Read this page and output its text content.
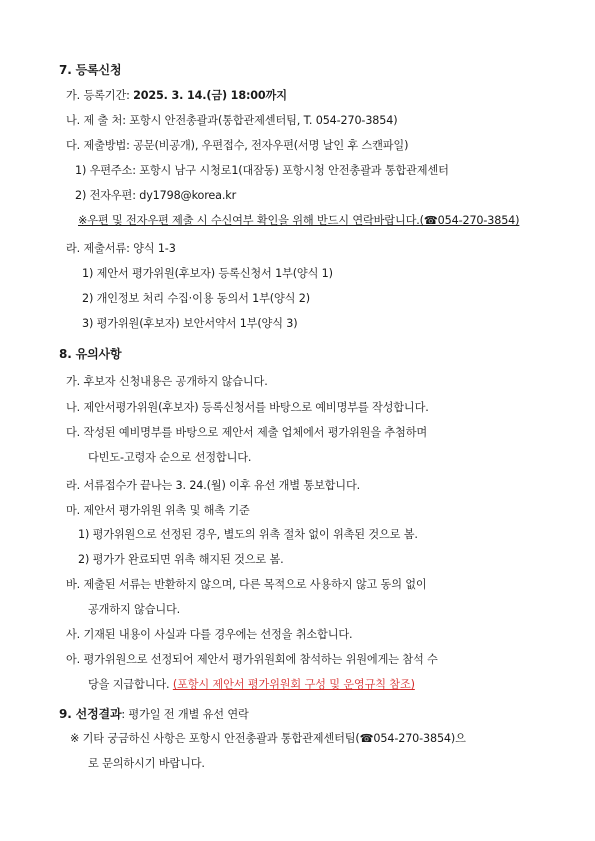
7. 등록신청
가. 등록기간: 2025. 3. 14.(금) 18:00까지
나. 제 출 처: 포항시 안전총괄과(통합관제센터팀, T. 054-270-3854)
다. 제출방법: 공문(비공개), 우편접수, 전자우편(서명 날인 후 스캔파일)
1) 우편주소: 포항시 남구 시청로1(대잠동) 포항시청 안전총괄과 통합관제센터
2) 전자우편: dy1798@korea.kr
※우편 및 전자우편 제출 시 수신여부 확인을 위해 반드시 연락바랍니다.(☎054-270-3854)
라. 제출서류: 양식 1-3
1) 제안서 평가위원(후보자) 등록신청서 1부(양식 1)
2) 개인정보 처리 수집·이용 동의서 1부(양식 2)
3) 평가위원(후보자) 보안서약서 1부(양식 3)
8. 유의사항
가. 후보자 신청내용은 공개하지 않습니다.
나. 제안서평가위원(후보자) 등록신청서를 바탕으로 예비명부를 작성합니다.
다. 작성된 예비명부를 바탕으로 제안서 제출 업체에서 평가위원을 추첨하며
다빈도-고령자 순으로 선정합니다.
라. 서류접수가 끝나는 3. 24.(월) 이후 유선 개별 통보합니다.
마. 제안서 평가위원 위촉 및 해촉 기준
1) 평가위원으로 선정된 경우, 별도의 위촉 절차 없이 위촉된 것으로 봄.
2) 평가가 완료되면 위촉 해지된 것으로 봄.
바. 제출된 서류는 반환하지 않으며, 다른 목적으로 사용하지 않고 동의 없이
공개하지 않습니다.
사. 기재된 내용이 사실과 다를 경우에는 선정을 취소합니다.
아. 평가위원으로 선정되어 제안서 평가위원회에 참석하는 위원에게는 참석 수
당을 지급합니다. (포항시 제안서 평가위원회 구성 및 운영규칙 참조)
9. 선정결과: 평가일 전 개별 유선 연락
※ 기타 궁금하신 사항은 포항시 안전총괄과 통합관제센터팀(☎054-270-3854)으
로 문의하시기 바랍니다.
